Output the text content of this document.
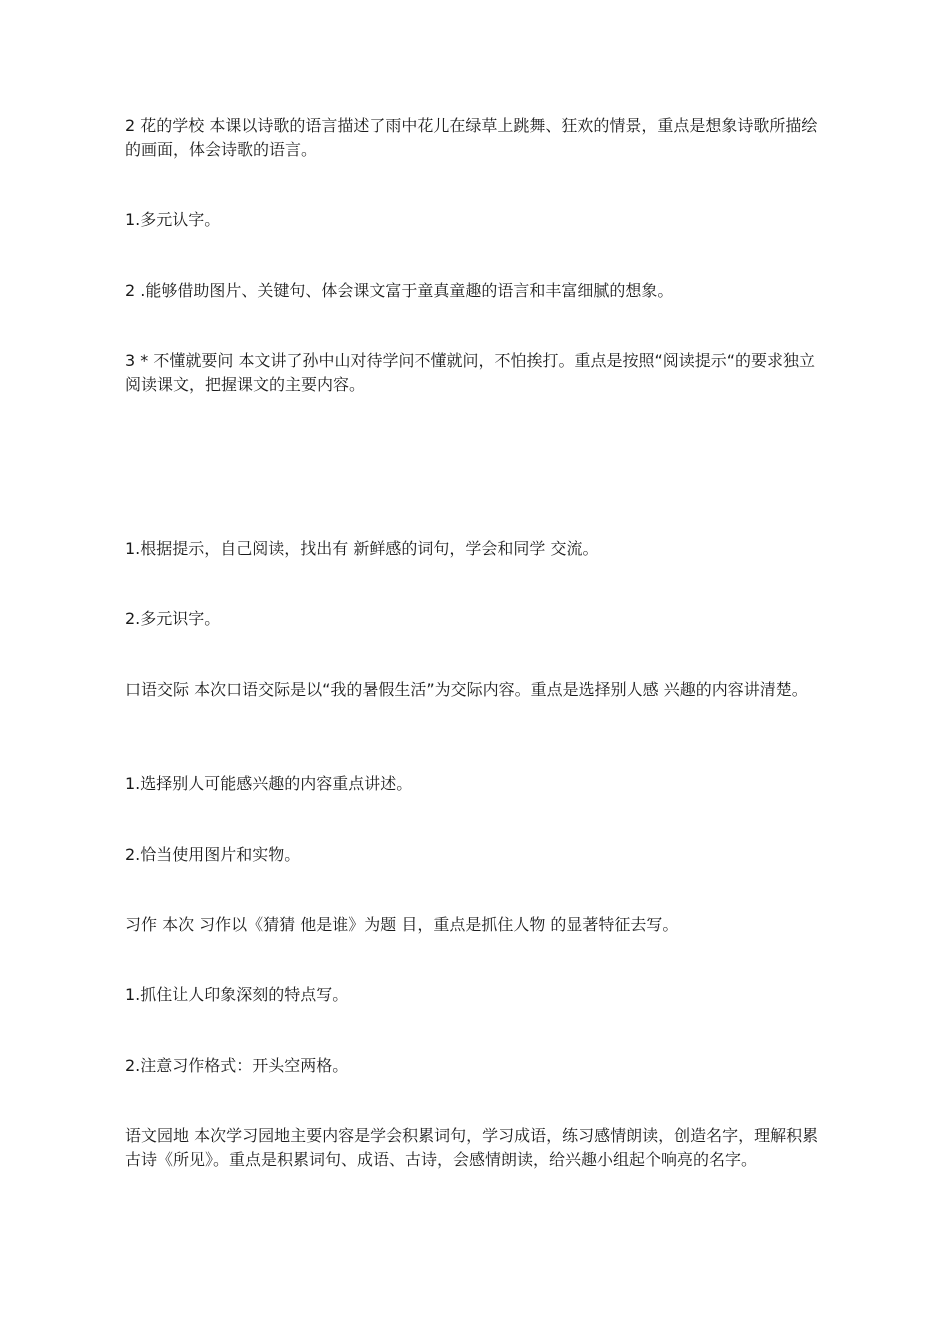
2 花的学校 本课以诗歌的语言描述了雨中花儿在绿草上跳舞、狂欢的情景，重点是想象诗歌所描绘的画面，体会诗歌的语言。

1.多元认字。

2 .能够借助图片、关键句、体会课文富于童真童趣的语言和丰富细腻的想象。

3 * 不懂就要问 本文讲了孙中山对待学问不懂就问，不怕挨打。重点是按照“阅读提示“的要求独立阅读课文，把握课文的主要内容。

1.根据提示，自己阅读，找出有 新鲜感的词句，学会和同学 交流。

2.多元识字。

口语交际 本次口语交际是以“我的暑假生活”为交际内容。重点是选择别人感 兴趣的内容讲清楚。

1.选择别人可能感兴趣的内容重点讲述。

2.恰当使用图片和实物。

习作 本次 习作以《猜猜 他是谁》为题 目，重点是抓住人物 的显著特征去写。

1.抓住让人印象深刻的特点写。

2.注意习作格式：开头空两格。

语文园地 本次学习园地主要内容是学会积累词句，学习成语，练习感情朗读，创造名字，理解积累古诗《所见》。重点是积累词句、成语、古诗，会感情朗读，给兴趣小组起个响亮的名字。
